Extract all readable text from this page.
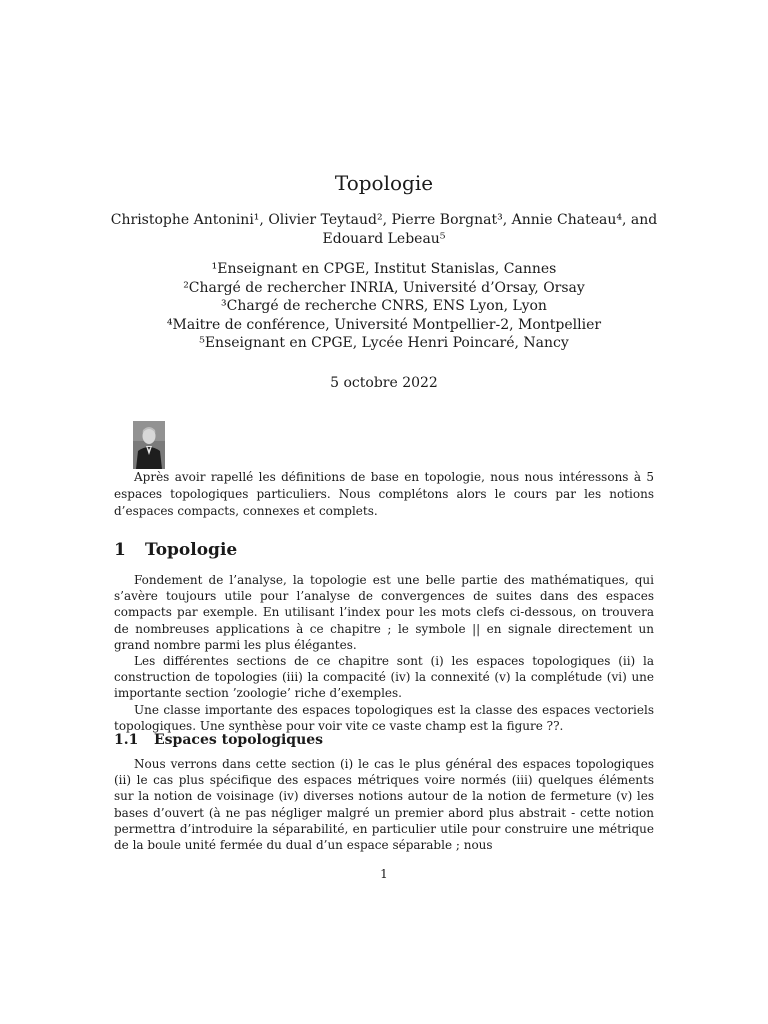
Topologie
Christophe Antonini¹, Olivier Teytaud², Pierre Borgnat³, Annie Chateau⁴, and
Edouard Lebeau⁵
¹Enseignant en CPGE, Institut Stanislas, Cannes
²Chargé de rechercher INRIA, Université d’Orsay, Orsay
³Chargé de recherche CNRS, ENS Lyon, Lyon
⁴Maitre de conférence, Université Montpellier-2, Montpellier
⁵Enseignant en CPGE, Lycée Henri Poincaré, Nancy
5 octobre 2022

Après avoir rapellé les définitions de base en topologie, nous nous intéressons à 5 espaces topologiques particuliers. Nous complétons alors le cours par les notions d’espaces compacts, connexes et complets.

1 Topologie

Fondement de l’analyse, la topologie est une belle partie des mathématiques, qui s’avère toujours utile pour l’analyse de convergences de suites dans des espaces compacts par exemple. En utilisant l’index pour les mots clefs ci-dessous, on trouvera de nombreuses applications à ce chapitre ; le symbole || en signale directement un grand nombre parmi les plus élégantes.

Les différentes sections de ce chapitre sont (i) les espaces topologiques (ii) la construction de topologies (iii) la compacité (iv) la connexité (v) la complétude (vi) une importante section ’zoologie’ riche d’exemples.

Une classe importante des espaces topologiques est la classe des espaces vectoriels topologiques. Une synthèse pour voir vite ce vaste champ est la figure ??.

1.1 Espaces topologiques

Nous verrons dans cette section (i) le cas le plus général des espaces topologiques (ii) le cas plus spécifique des espaces métriques voire normés (iii) quelques éléments sur la notion de voisinage (iv) diverses notions autour de la notion de fermeture (v) les bases d’ouvert (à ne pas négliger malgré un premier abord plus abstrait - cette notion permettra d’introduire la séparabilité, en particulier utile pour construire une métrique de la boule unité fermée du dual d’un espace séparable ; nous

1
